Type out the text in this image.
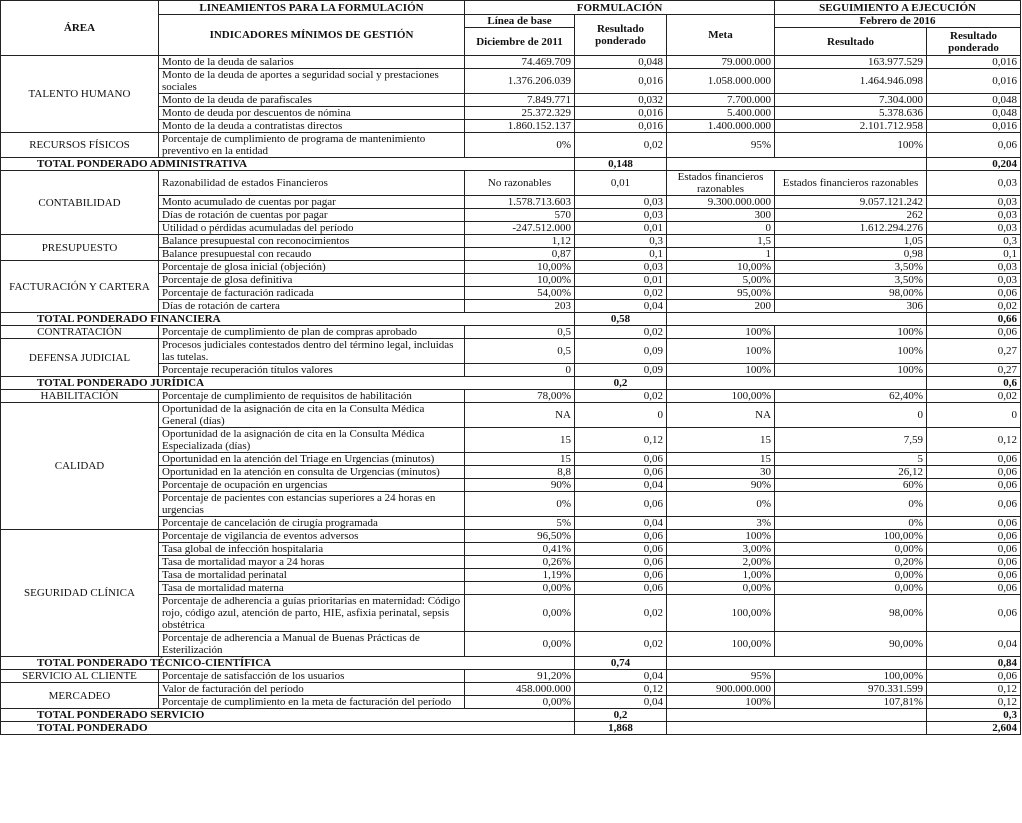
ÁREA	LINEAMIENTOS PARA LA FORMULACIÓN	FORMULACIÓN			SEGUIMIENTO A EJECUCIÓN	
	INDICADORES MÍNIMOS DE GESTIÓN	Línea de base	Resultado ponderado	Meta	Febrero de 2016	
		Diciembre de 2011			Resultado	Resultado ponderado
TALENTO HUMANO	Monto de la deuda de salarios	74.469.709	0,048	79.000.000	163.977.529	0,016
	Monto de la deuda de aportes a seguridad social y prestaciones sociales	1.376.206.039	0,016	1.058.000.000	1.464.946.098	0,016
	Monto de la deuda de parafiscales	7.849.771	0,032	7.700.000	7.304.000	0,048
	Monto de deuda por descuentos de nómina	25.372.329	0,016	5.400.000	5.378.636	0,048
	Monto de la deuda a contratistas directos	1.860.152.137	0,016	1.400.000.000	2.101.712.958	0,016
RECURSOS FÍSICOS	Porcentaje de cumplimiento de programa de mantenimiento preventivo en la entidad	0%	0,02	95%	100%	0,06
TOTAL PONDERADO ADMINISTRATIVA			0,148			0,204
CONTABILIDAD	Razonabilidad de estados Financieros	No razonables	0,01	Estados financieros razonables	Estados financieros razonables	0,03
	Monto acumulado de cuentas por pagar	1.578.713.603	0,03	9.300.000.000	9.057.121.242	0,03
	Días de rotación de cuentas por pagar	570	0,03	300	262	0,03
	Utilidad o pérdidas acumuladas del período	-247.512.000	0,01	0	1.612.294.276	0,03
PRESUPUESTO	Balance presupuestal con reconocimientos	1,12	0,3	1,5	1,05	0,3
	Balance presupuestal con recaudo	0,87	0,1	1	0,98	0,1
FACTURACIÓN Y CARTERA	Porcentaje de glosa inicial (objeción)	10,00%	0,03	10,00%	3,50%	0,03
	Porcentaje de glosa definitiva	10,00%	0,01	5,00%	3,50%	0,03
	Porcentaje de facturación radicada	54,00%	0,02	95,00%	98,00%	0,06
	Días de rotación de cartera	203	0,04	200	306	0,02
TOTAL PONDERADO FINANCIERA			0,58			0,66
CONTRATACIÓN	Porcentaje de cumplimiento de plan de compras aprobado	0,5	0,02	100%	100%	0,06
DEFENSA JUDICIAL	Procesos judiciales contestados dentro del término legal, incluidas las tutelas.	0,5	0,09	100%	100%	0,27
	Porcentaje recuperación títulos valores	0	0,09	100%	100%	0,27
TOTAL PONDERADO JURÍDICA			0,2			0,6
HABILITACIÓN	Porcentaje de cumplimiento de requisitos de habilitación	78,00%	0,02	100,00%	62,40%	0,02
CALIDAD	Oportunidad de la asignación de cita en la Consulta Médica General (días)	NA	0	NA	0	0
	Oportunidad de la asignación de cita en la Consulta Médica Especializada (días)	15	0,12	15	7,59	0,12
	Oportunidad en la atención del Triage en Urgencias (minutos)	15	0,06	15	5	0,06
	Oportunidad en la atención en consulta de Urgencias (minutos)	8,8	0,06	30	26,12	0,06
	Porcentaje de ocupación en urgencias	90%	0,04	90%	60%	0,06
	Porcentaje de pacientes con estancias superiores a 24 horas en urgencias	0%	0,06	0%	0%	0,06
	Porcentaje de cancelación de cirugía programada	5%	0,04	3%	0%	0,06
SEGURIDAD CLÍNICA	Porcentaje de vigilancia de eventos adversos	96,50%	0,06	100%	100,00%	0,06
	Tasa global de infección hospitalaria	0,41%	0,06	3,00%	0,00%	0,06
	Tasa de mortalidad mayor a 24 horas	0,26%	0,06	2,00%	0,20%	0,06
	Tasa de mortalidad perinatal	1,19%	0,06	1,00%	0,00%	0,06
	Tasa de mortalidad materna	0,00%	0,06	0,00%	0,00%	0,06
	Porcentaje de adherencia a guías prioritarias en maternidad: Código rojo, código azul, atención de parto, HIE, asfixia perinatal, sepsis obstétrica	0,00%	0,02	100,00%	98,00%	0,06
	Porcentaje de adherencia a Manual de Buenas Prácticas de Esterilización	0,00%	0,02	100,00%	90,00%	0,04
TOTAL PONDERADO TÉCNICO-CIENTÍFICA			0,74			0,84
SERVICIO AL CLIENTE	Porcentaje de satisfacción de los usuarios	91,20%	0,04	95%	100,00%	0,06
MERCADEO	Valor de facturación del período	458.000.000	0,12	900.000.000	970.331.599	0,12
	Porcentaje de cumplimiento en la meta de facturación del período	0,00%	0,04	100%	107,81%	0,12
TOTAL PONDERADO SERVICIO			0,2			0,3
TOTAL PONDERADO			1,868			2,604
